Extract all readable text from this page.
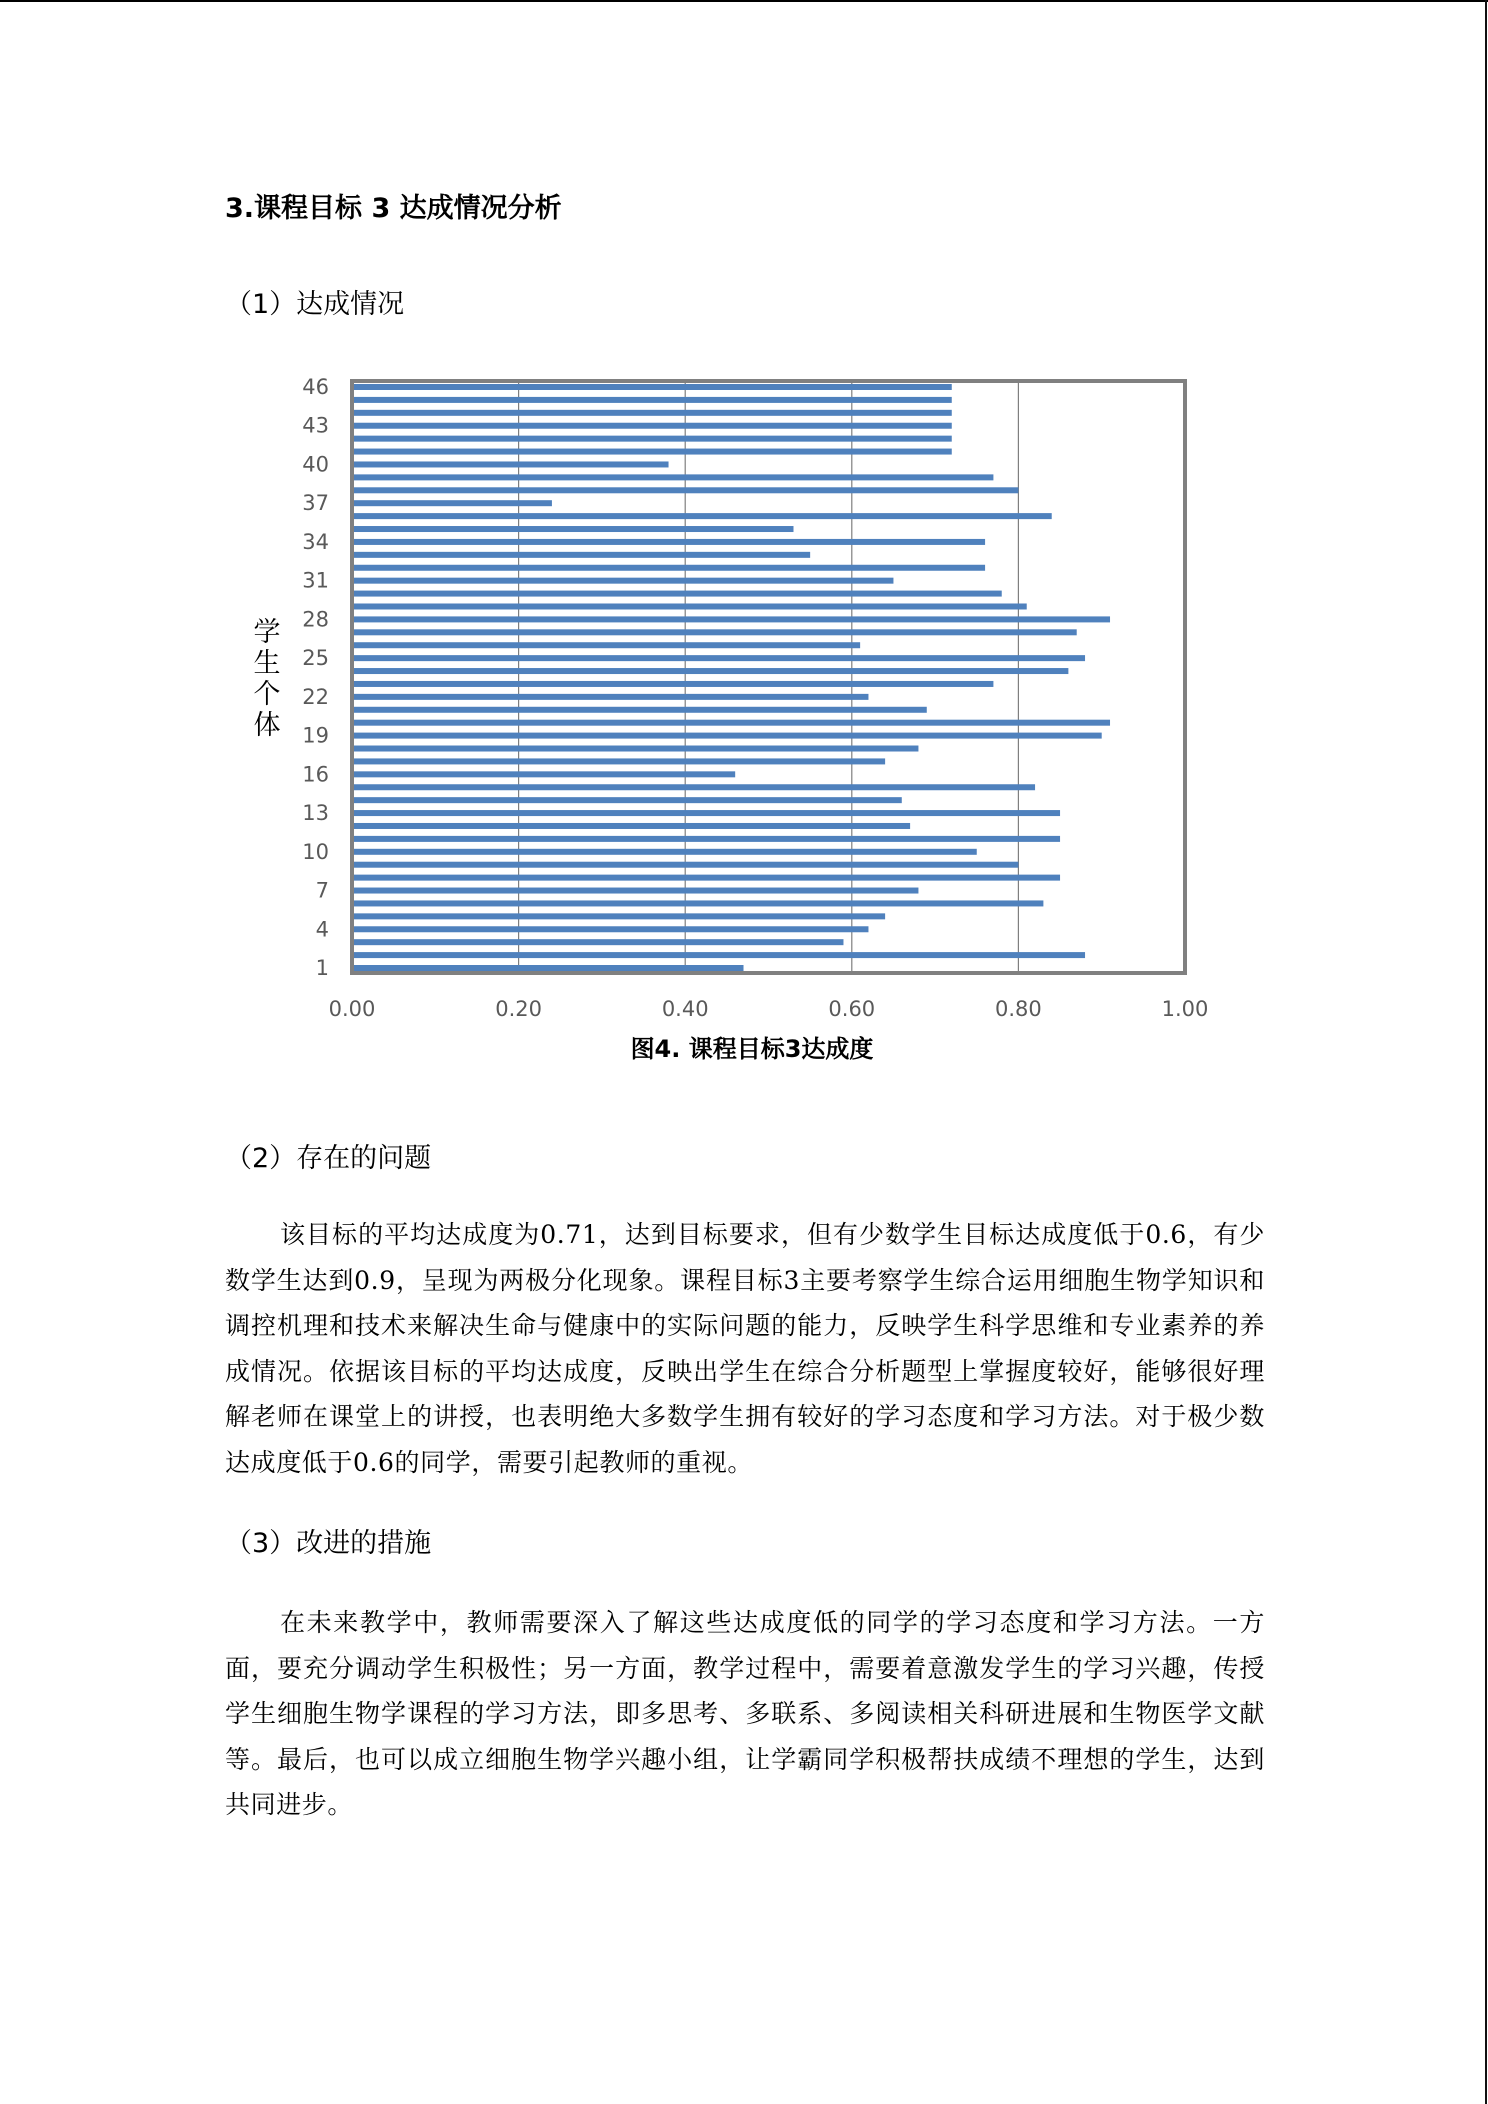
3.课程目标 3 达成情况分析
（1）达成情况
0.00	0.20	0.40	0.60	0.80	1.00
1
4
7
10
13
16
19
22
25
28
31
34
37
40
43
46
学
生
个
体
图4. 课程目标3达成度
（2）存在的问题

该目标的平均达成度为0.71，达到目标要求，但有少数学生目标达成度低于0.6，有少数学生达到0.9，呈现为两极分化现象。课程目标3主要考察学生综合运用细胞生物学知识和调控机理和技术来解决生命与健康中的实际问题的能力，反映学生科学思维和专业素养的养成情况。依据该目标的平均达成度，反映出学生在综合分析题型上掌握度较好，能够很好理解老师在课堂上的讲授，也表明绝大多数学生拥有较好的学习态度和学习方法。对于极少数达成度低于0.6的同学，需要引起教师的重视。

（3）改进的措施

在未来教学中，教师需要深入了解这些达成度低的同学的学习态度和学习方法。一方面，要充分调动学生积极性；另一方面，教学过程中，需要着意激发学生的学习兴趣，传授学生细胞生物学课程的学习方法，即多思考、多联系、多阅读相关科研进展和生物医学文献等。最后，也可以成立细胞生物学兴趣小组，让学霸同学积极帮扶成绩不理想的学生，达到共同进步。
